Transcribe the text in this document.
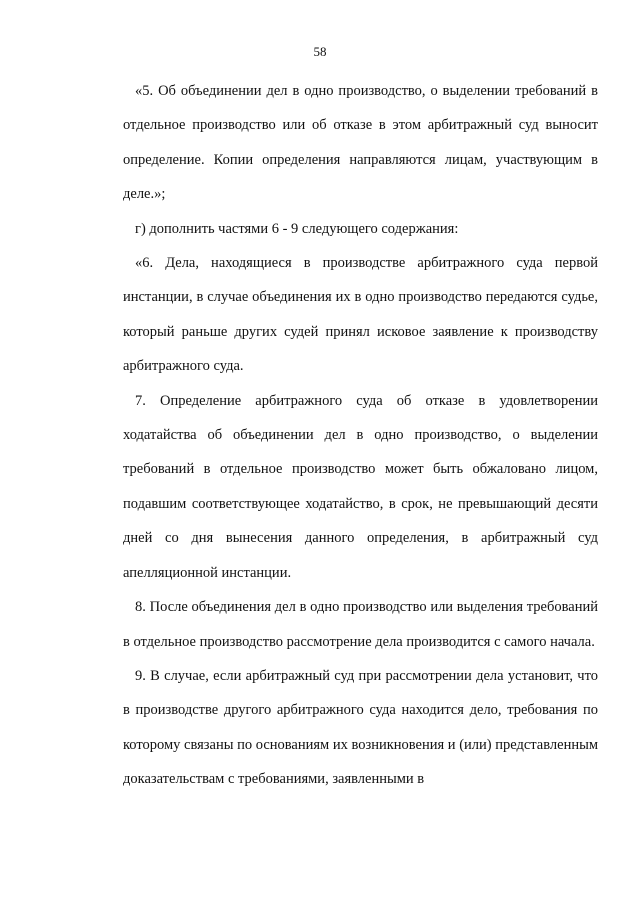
58

«5. Об объединении дел в одно производство, о выделении требований в отдельное производство или об отказе в этом арбитражный суд выносит определение. Копии определения направляются лицам, участвующим в деле.»;

г) дополнить частями 6 - 9 следующего содержания:

«6. Дела, находящиеся в производстве арбитражного суда первой инстанции, в случае объединения их в одно производство передаются судье, который раньше других судей принял исковое заявление к производству арбитражного суда.

7. Определение арбитражного суда об отказе в удовлетворении ходатайства об объединении дел в одно производство, о выделении требований в отдельное производство может быть обжаловано лицом, подавшим соответствующее ходатайство, в срок, не превышающий десяти дней со дня вынесения данного определения, в арбитражный суд апелляционной инстанции.

8. После объединения дел в одно производство или выделения требований в отдельное производство рассмотрение дела производится с самого начала.

9. В случае, если арбитражный суд при рассмотрении дела установит, что в производстве другого арбитражного суда находится дело, требования по которому связаны по основаниям их возникновения и (или) представленным доказательствам с требованиями, заявленными в
